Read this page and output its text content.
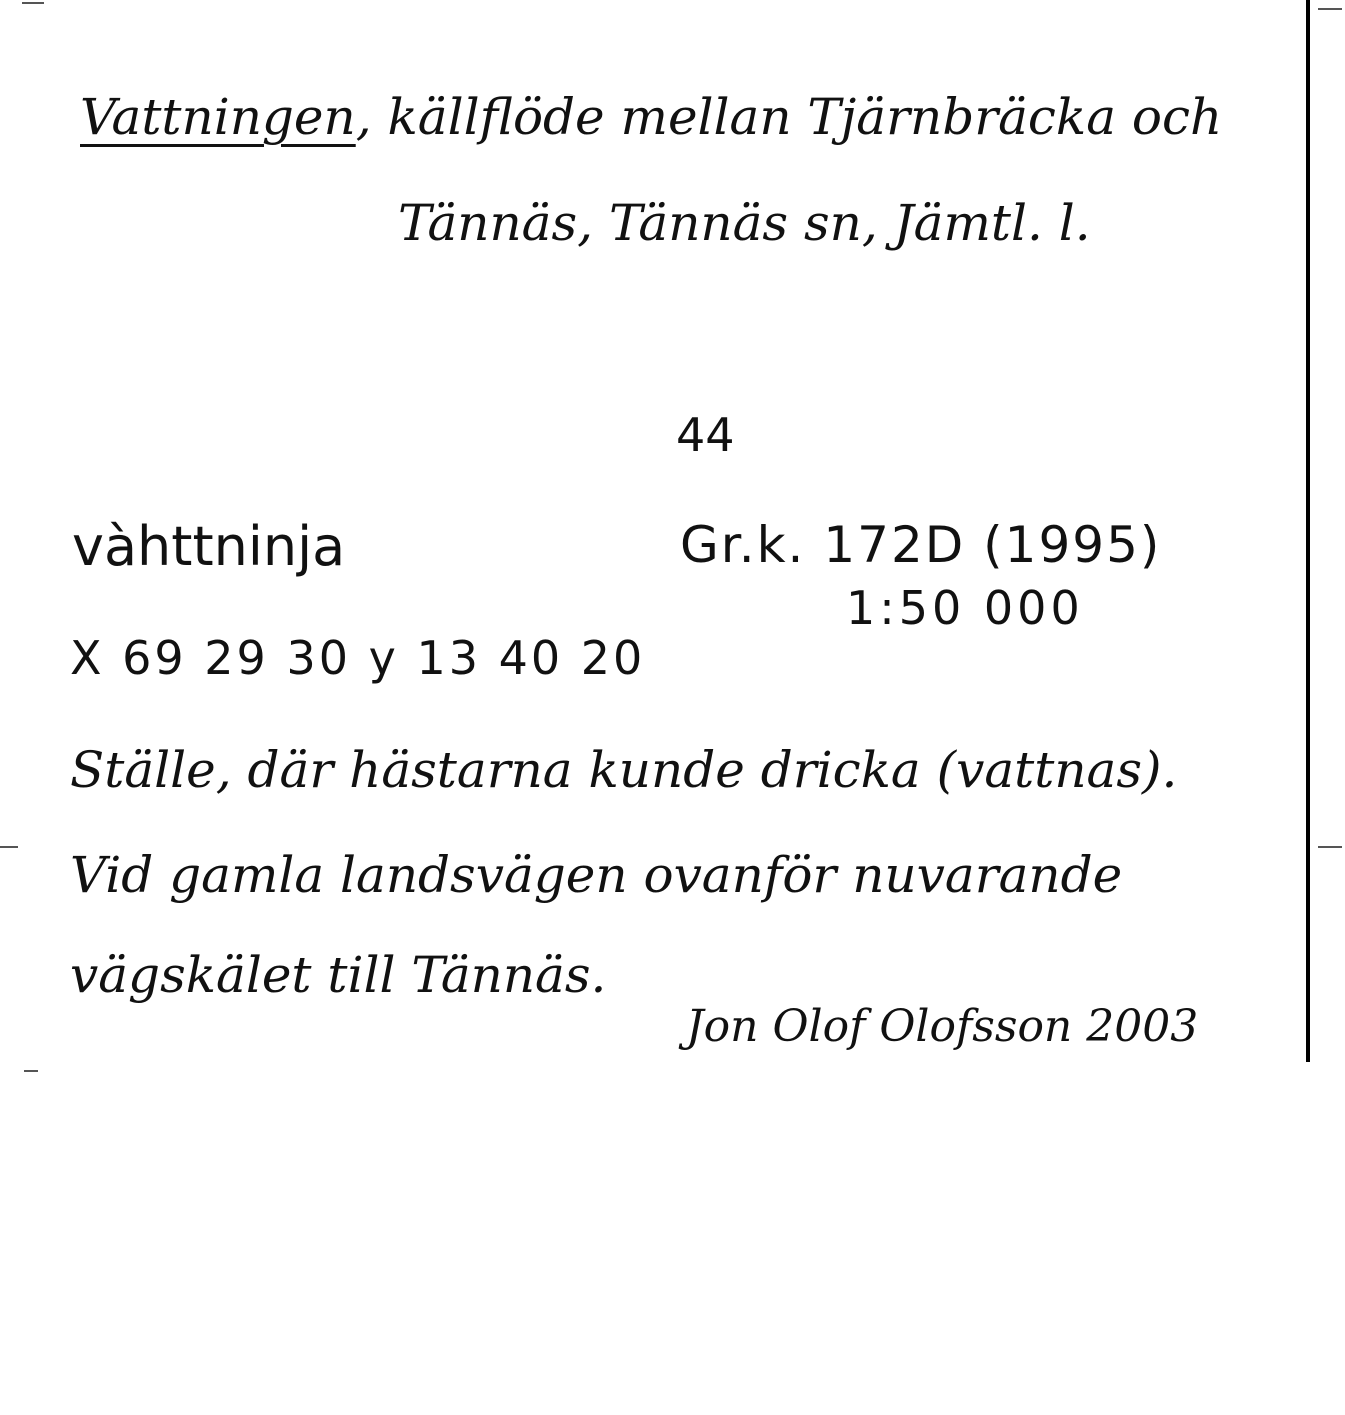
Vattningen, källflöde mellan Tjärnbräcka och
Tännäs, Tännäs sn, Jämtl. l.
44
vàhttninja	Gr.k. 172D (1995)
1:50 000
X 69 29 30 y 13 40 20
Ställe, där hästarna kunde dricka (vattnas).
Vid gamla landsvägen ovanför nuvarande
vägskälet till Tännäs.
Jon Olof Olofsson 2003
